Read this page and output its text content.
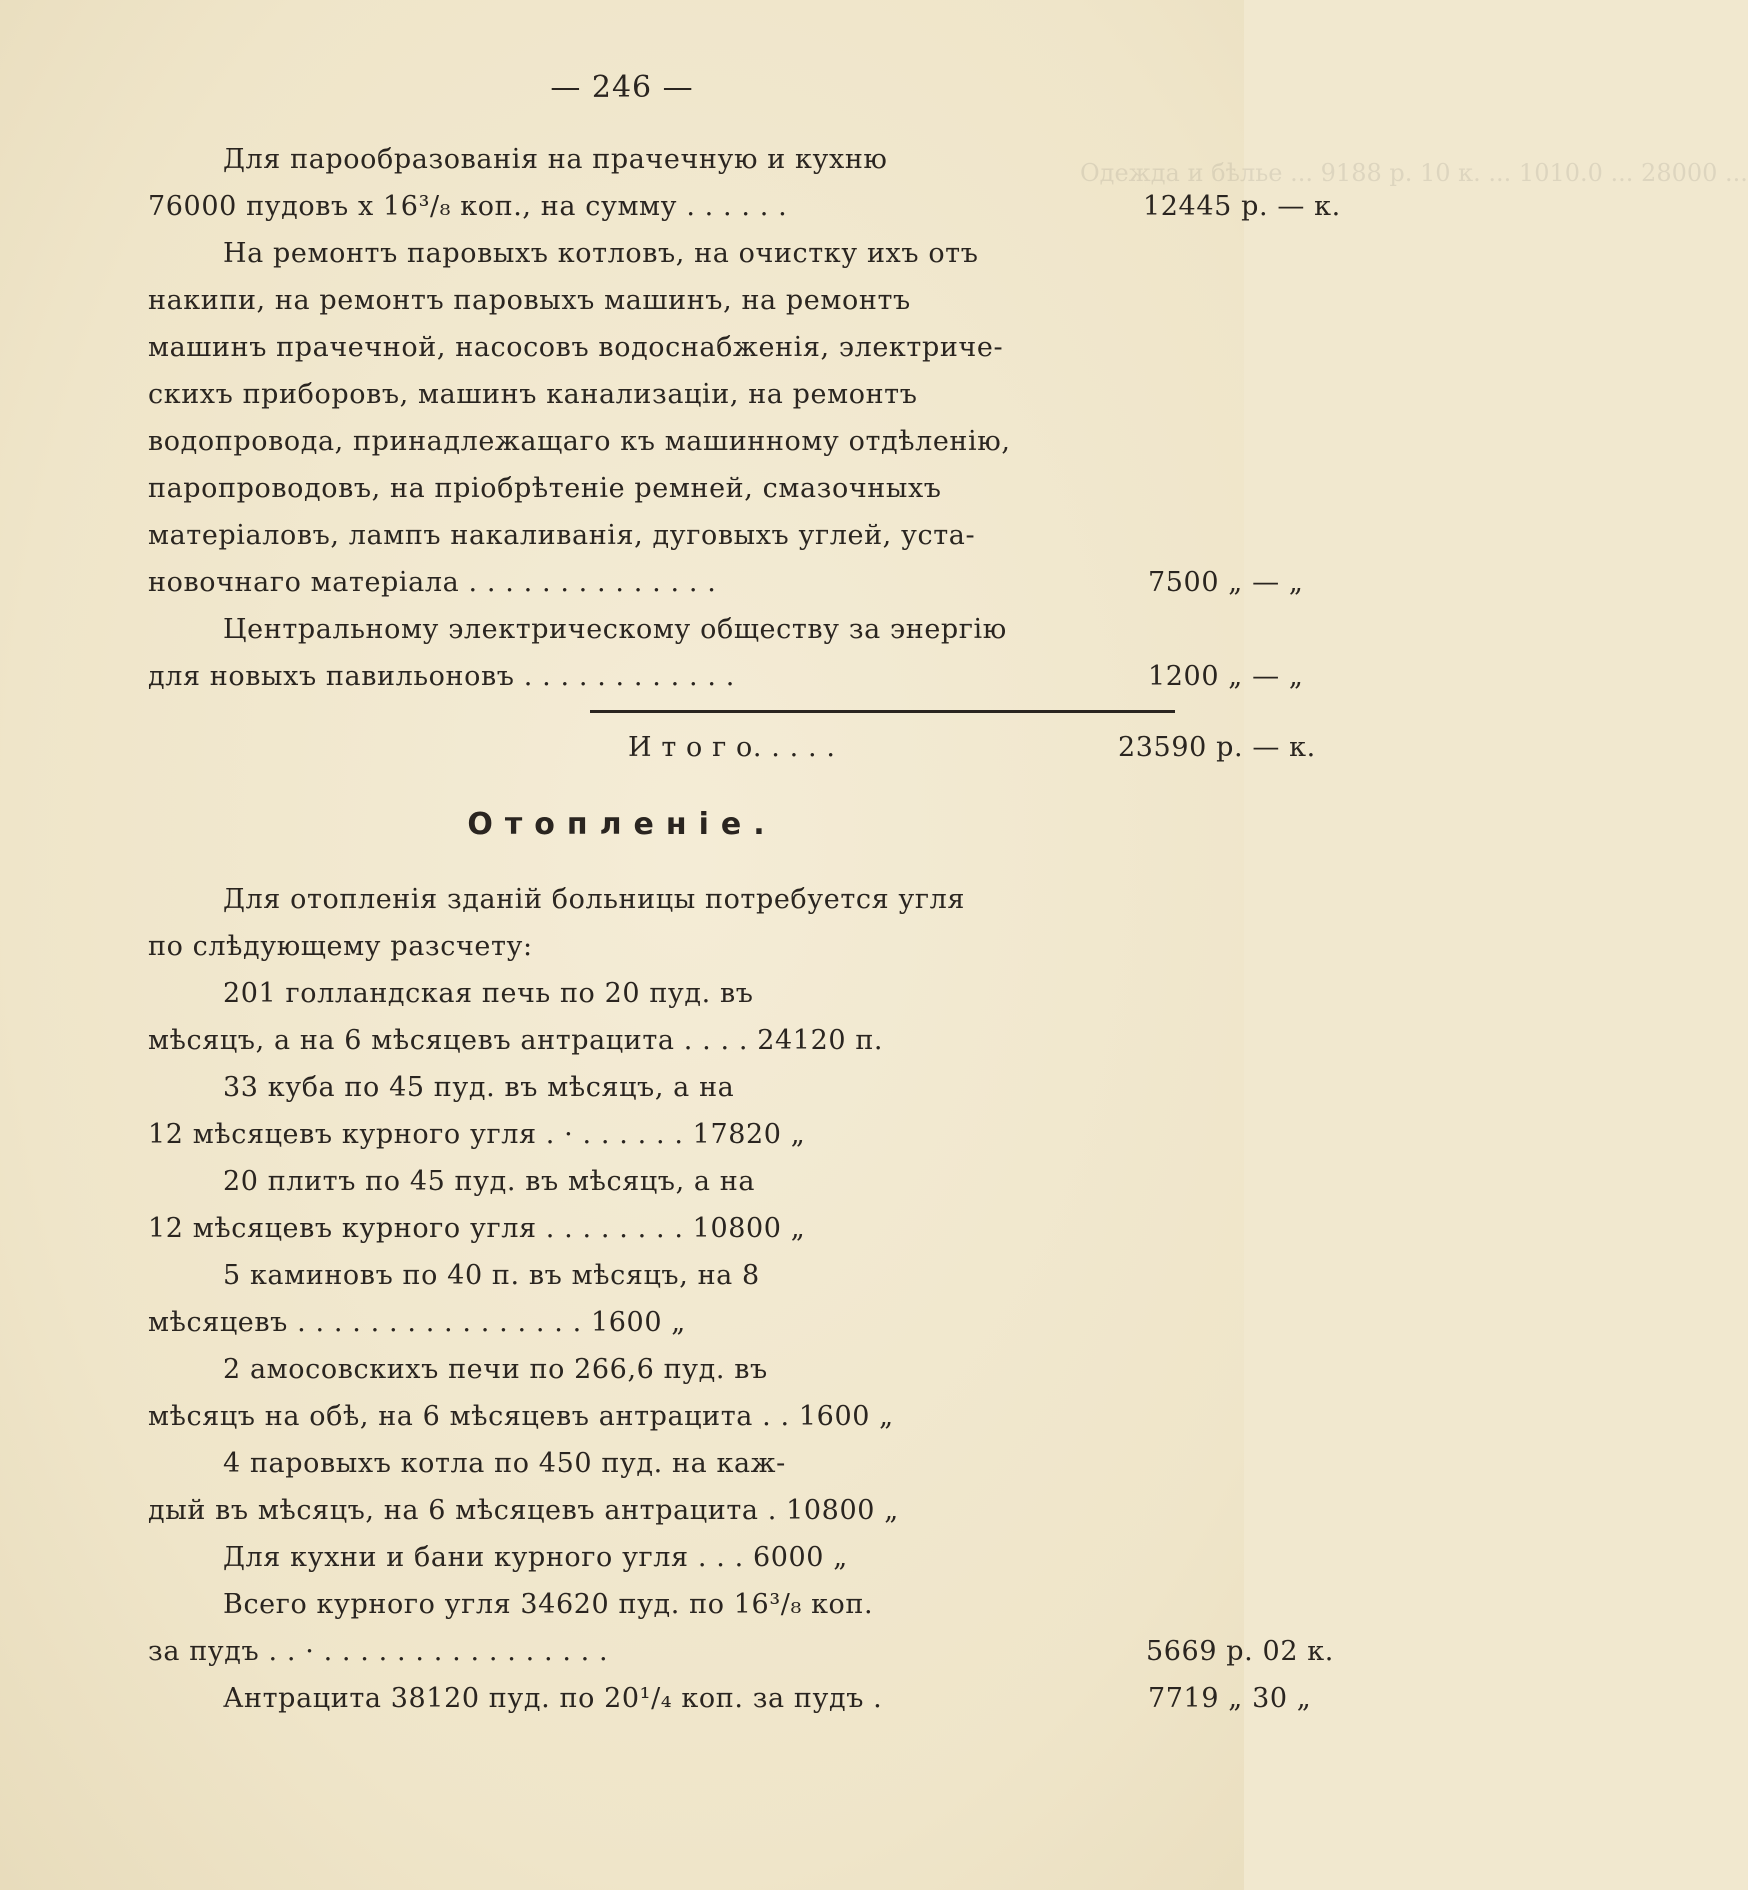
Одежда и бѣлье ... 9188 р. 10 к. ... 1010.0 ... 28000 ...
— 246 —
Для парообразованія на прачечную и кухню
76000 пудовъ х 16³/₈ коп., на сумму . . . . . .	12445 р. — к.
На ремонтъ паровыхъ котловъ, на очистку ихъ отъ
накипи, на ремонтъ паровыхъ машинъ, на ремонтъ
машинъ прачечной, насосовъ водоснабженія, электриче-
скихъ приборовъ, машинъ канализаціи, на ремонтъ
водопровода, принадлежащаго къ машинному отдѣленію,
паропроводовъ, на пріобрѣтеніе ремней, смазочныхъ
матеріаловъ, лампъ накаливанія, дуговыхъ углей, уста-
новочнаго матеріала . . . . . . . . . . . . . .	7500 „ — „
Центральному электрическому обществу за энергію
для новыхъ павильоновъ . . . . . . . . . . . .	1200 „ — „
И т о г о. . . . .	23590 р. — к.
Для отопленія зданій больницы потребуется угля
по слѣдующему разсчету:
201 голландская печь по 20 пуд. въ
мѣсяцъ, а на 6 мѣсяцевъ антрацита . . . . 24120 п.
33 куба по 45 пуд. въ мѣсяцъ, а на
12 мѣсяцевъ курного угля . · . . . . . . 17820 „
20 плитъ по 45 пуд. въ мѣсяцъ, а на
12 мѣсяцевъ курного угля . . . . . . . . 10800 „
5 каминовъ по 40 п. въ мѣсяцъ, на 8
мѣсяцевъ . . . . . . . . . . . . . . . . 1600 „
2 амосовскихъ печи по 266,6 пуд. въ
мѣсяцъ на обѣ, на 6 мѣсяцевъ антрацита . . 1600 „
4 паровыхъ котла по 450 пуд. на каж-
дый въ мѣсяцъ, на 6 мѣсяцевъ антрацита . 10800 „
Для кухни и бани курного угля . . . 6000 „
Всего курного угля 34620 пуд. по 16³/₈ коп.
за пудъ . . · . . . . . . . . . . . . . . . .	5669 р. 02 к.
Антрацита 38120 пуд. по 20¹/₄ коп. за пудъ .	7719 „ 30 „
Отопленіе.
